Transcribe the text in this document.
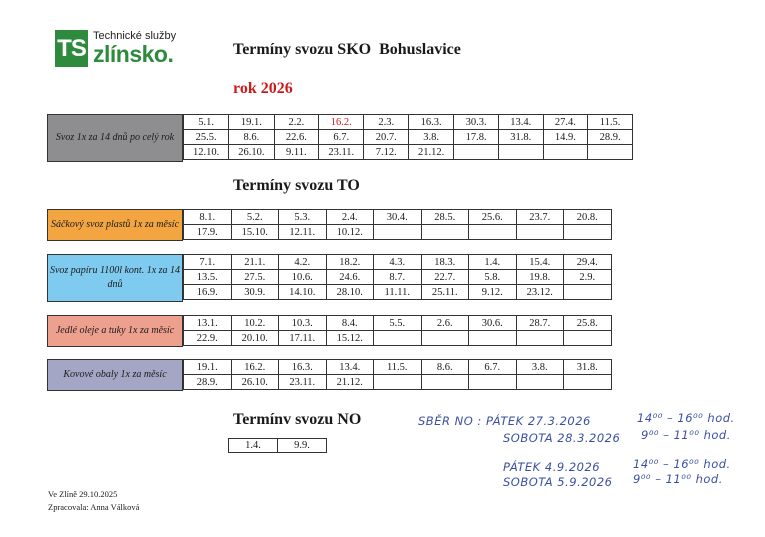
TS Technické služby
zlínsko.	Termíny svozu SKO  Bohuslavice
rok 2026
Svoz 1x za 14 dnů po celý rok
5.1.	19.1.	2.2.	16.2.	2.3.	16.3.	30.3.	13.4.	27.4.	11.5.
25.5.	8.6.	22.6.	6.7.	20.7.	3.8.	17.8.	31.8.	14.9.	28.9.
12.10.	26.10.	9.11.	23.11.	7.12.	21.12.				
Termíny svozu TO
Sáčkový svoz plastů 1x za měsíc
8.1.	5.2.	5.3.	2.4.	30.4.	28.5.	25.6.	23.7.	20.8.
17.9.	15.10.	12.11.	10.12.					
Svoz papíru 1100l kont. 1x za 14 dnů
7.1.	21.1.	4.2.	18.2.	4.3.	18.3.	1.4.	15.4.	29.4.
13.5.	27.5.	10.6.	24.6.	8.7.	22.7.	5.8.	19.8.	2.9.
16.9.	30.9.	14.10.	28.10.	11.11.	25.11.	9.12.	23.12.	
Jedlé oleje a tuky 1x za měsíc
13.1.	10.2.	10.3.	8.4.	5.5.	2.6.	30.6.	28.7.	25.8.
22.9.	20.10.	17.11.	15.12.					
Kovové obaly 1x za měsíc
19.1.	16.2.	16.3.	13.4.	11.5.	8.6.	6.7.	3.8.	31.8.
28.9.	26.10.	23.11.	21.12.					
Termínv svozu NO
1.4.	9.9.
SBĚR NO : PÁTEK 27.3.2026	14⁰⁰ – 16⁰⁰ hod.
SOBOTA 28.3.2026 9⁰⁰ – 11⁰⁰ hod.
PÁTEK 4.9.2026	14⁰⁰ – 16⁰⁰ hod.
SOBOTA 5.9.2026 9⁰⁰ – 11⁰⁰ hod.
Ve Zlíně 29.10.2025
Zpracovala: Anna Válková
